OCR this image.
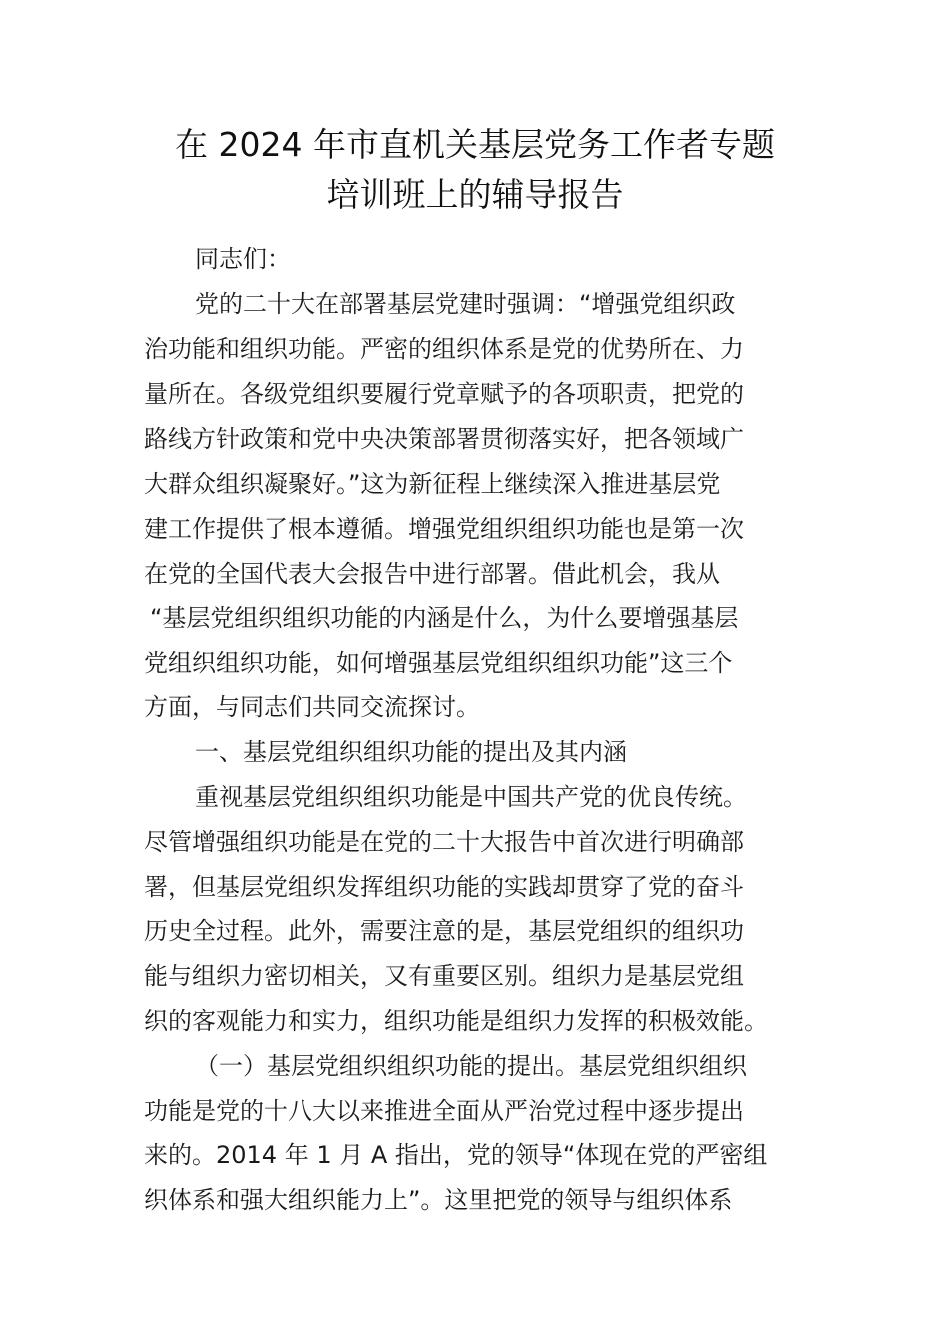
在 2024 年市直机关基层党务工作者专题
培训班上的辅导报告
同志们：
党的二十大在部署基层党建时强调：“增强党组织政
治功能和组织功能。严密的组织体系是党的优势所在、力
量所在。各级党组织要履行党章赋予的各项职责，把党的
路线方针政策和党中央决策部署贯彻落实好，把各领域广
大群众组织凝聚好。”这为新征程上继续深入推进基层党
建工作提供了根本遵循。增强党组织组织功能也是第一次
在党的全国代表大会报告中进行部署。借此机会，我从
“基层党组织组织功能的内涵是什么，为什么要增强基层
党组织组织功能，如何增强基层党组织组织功能”这三个
方面，与同志们共同交流探讨。
一、基层党组织组织功能的提出及其内涵
重视基层党组织组织功能是中国共产党的优良传统。
尽管增强组织功能是在党的二十大报告中首次进行明确部
署，但基层党组织发挥组织功能的实践却贯穿了党的奋斗
历史全过程。此外，需要注意的是，基层党组织的组织功
能与组织力密切相关，又有重要区别。组织力是基层党组
织的客观能力和实力，组织功能是组织力发挥的积极效能。
（一）基层党组织组织功能的提出。基层党组织组织
功能是党的十八大以来推进全面从严治党过程中逐步提出
来的。2014 年 1 月 A 指出，党的领导“体现在党的严密组
织体系和强大组织能力上”。这里把党的领导与组织体系
